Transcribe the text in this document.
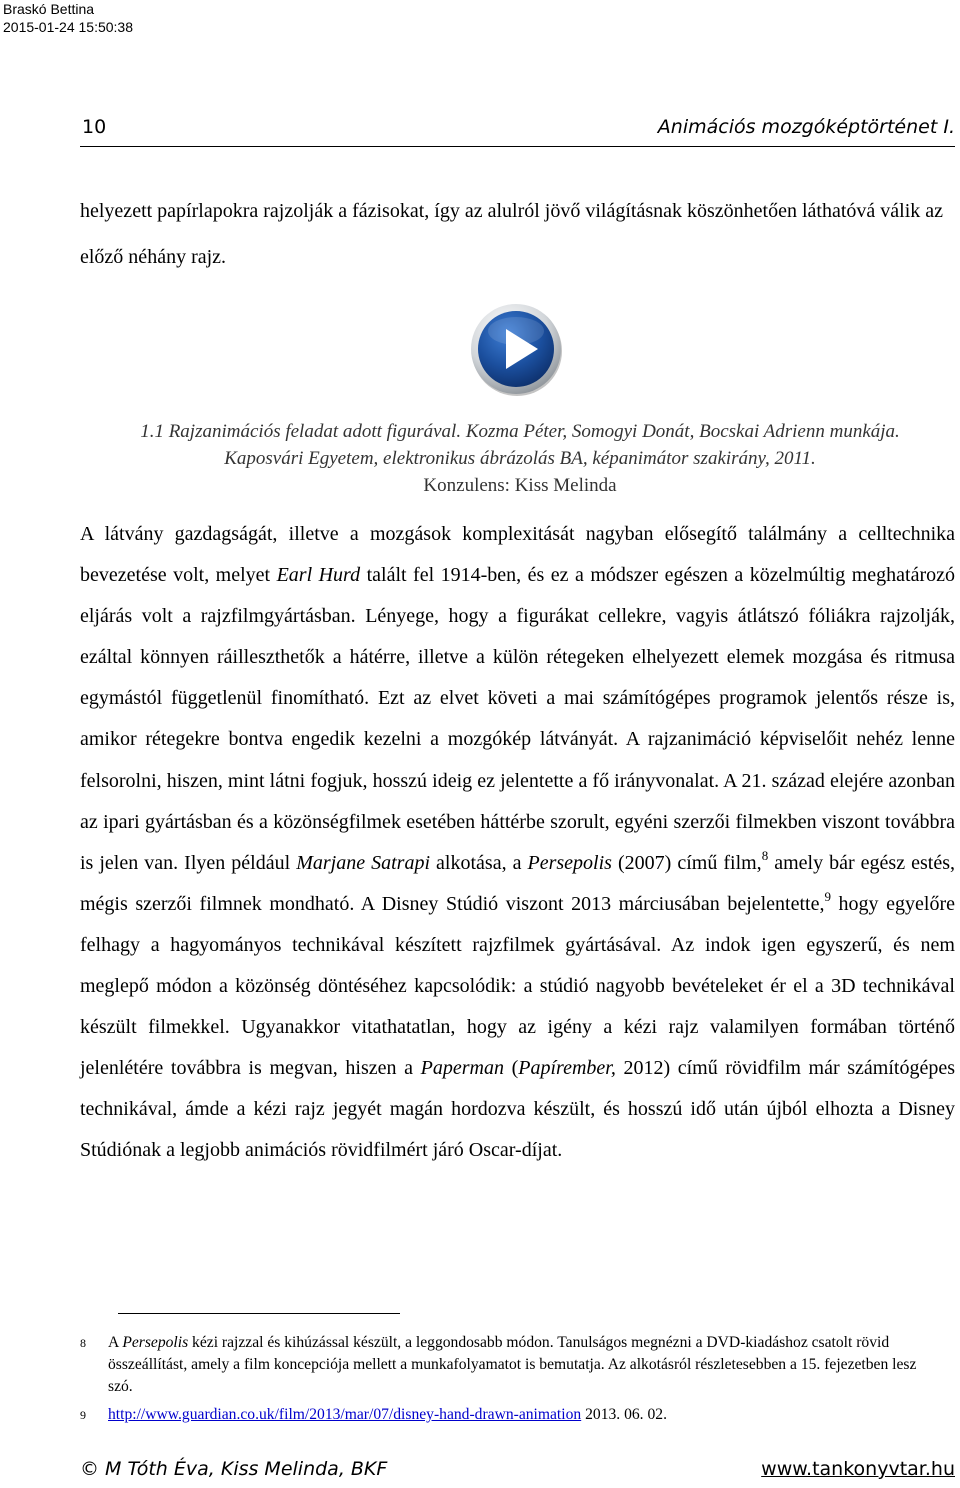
Braskó Bettina
2015-01-24 15:50:38
10	Animációs mozgóképtörténet I.

helyezett papírlapokra rajzolják a fázisokat, így az alulról jövő világításnak köszönhetően láthatóvá válik az előző néhány rajz.

1.1 Rajzanimációs feladat adott figurával. Kozma Péter, Somogyi Donát, Bocskai Adrienn munkája. Kaposvári Egyetem, elektronikus ábrázolás BA, képanimátor szakirány, 2011.
Konzulens: Kiss Melinda

A látvány gazdagságát, illetve a mozgások komplexitását nagyban elősegítő találmány a celltechnika bevezetése volt, melyet Earl Hurd talált fel 1914-ben, és ez a módszer egészen a közelmúltig meghatározó eljárás volt a rajzfilmgyártásban. Lényege, hogy a figurákat cellekre, vagyis átlátszó fóliákra rajzolják, ezáltal könnyen ráilleszthetők a hátérre, illetve a külön rétegeken elhelyezett elemek mozgása és ritmusa egymástól függetlenül finomítható. Ezt az elvet követi a mai számítógépes programok jelentős része is, amikor rétegekre bontva engedik kezelni a mozgókép látványát. A rajzanimáció képviselőit nehéz lenne felsorolni, hiszen, mint látni fogjuk, hosszú ideig ez jelentette a fő irányvonalat. A 21. század elejére azonban az ipari gyártásban és a közönségfilmek esetében háttérbe szorult, egyéni szerzői filmekben viszont továbbra is jelen van. Ilyen például Marjane Satrapi alkotása, a Persepolis (2007) című film,$^8$ amely bár egész estés, mégis szerzői filmnek mondható. A Disney Stúdió viszont 2013 márciusában bejelentette,$^9$ hogy egyelőre felhagy a hagyományos technikával készített rajzfilmek gyártásával. Az indok igen egyszerű, és nem meglepő módon a közönség döntéséhez kapcsolódik: a stúdió nagyobb bevételeket ér el a 3D technikával készült filmekkel. Ugyanakkor vitathatatlan, hogy az igény a kézi rajz valamilyen formában történő jelenlétére továbbra is megvan, hiszen a Paperman (Papírember, 2012) című rövidfilm már számítógépes technikával, ámde a kézi rajz jegyét magán hordozva készült, és hosszú idő után újból elhozta a Disney Stúdiónak a legjobb animációs rövidfilmért járó Oscar-díjat.

8 A Persepolis kézi rajzzal és kihúzással készült, a leggondosabb módon. Tanulságos megnézni a DVD-kiadáshoz csatolt rövid összeállítást, amely a film koncepciója mellett a munkafolyamatot is bemutatja. Az alkotásról részletesebben a 15. fejezetben lesz szó.
9 http://www.guardian.co.uk/film/2013/mar/07/disney-hand-drawn-animation 2013. 06. 02.
© M Tóth Éva, Kiss Melinda, BKF	www.tankonyvtar.hu
